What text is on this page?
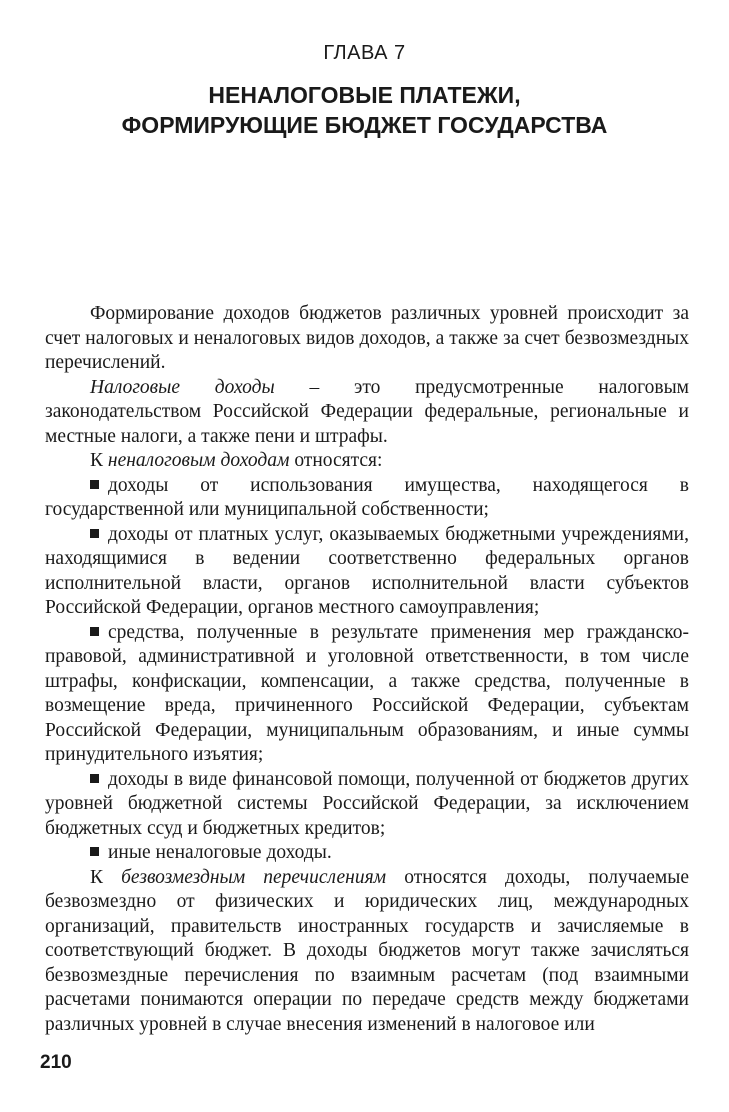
ГЛАВА 7
НЕНАЛОГОВЫЕ ПЛАТЕЖИ,
ФОРМИРУЮЩИЕ БЮДЖЕТ ГОСУДАРСТВА

Формирование доходов бюджетов различных уровней происходит за счет налоговых и неналоговых видов доходов, а также за счет безвозмездных перечислений.

Налоговые доходы – это предусмотренные налоговым законодательством Российской Федерации федеральные, региональные и местные налоги, а также пени и штрафы.

К неналоговым доходам относятся:

доходы от использования имущества, находящегося в государственной или муниципальной собственности;

доходы от платных услуг, оказываемых бюджетными учреждениями, находящимися в ведении соответственно федеральных органов исполнительной власти, органов исполнительной власти субъектов Российской Федерации, органов местного самоуправления;

средства, полученные в результате применения мер гражданско-правовой, административной и уголовной ответственности, в том числе штрафы, конфискации, компенсации, а также средства, полученные в возмещение вреда, причиненного Российской Федерации, субъектам Российской Федерации, муниципальным образованиям, и иные суммы принудительного изъятия;

доходы в виде финансовой помощи, полученной от бюджетов других уровней бюджетной системы Российской Федерации, за исключением бюджетных ссуд и бюджетных кредитов;

иные неналоговые доходы.

К безвозмездным перечислениям относятся доходы, получаемые безвозмездно от физических и юридических лиц, международных организаций, правительств иностранных государств и зачисляемые в соответствующий бюджет. В доходы бюджетов могут также зачисляться безвозмездные перечисления по взаимным расчетам (под взаимными расчетами понимаются операции по передаче средств между бюджетами различных уровней в случае внесения изменений в налоговое или

210
